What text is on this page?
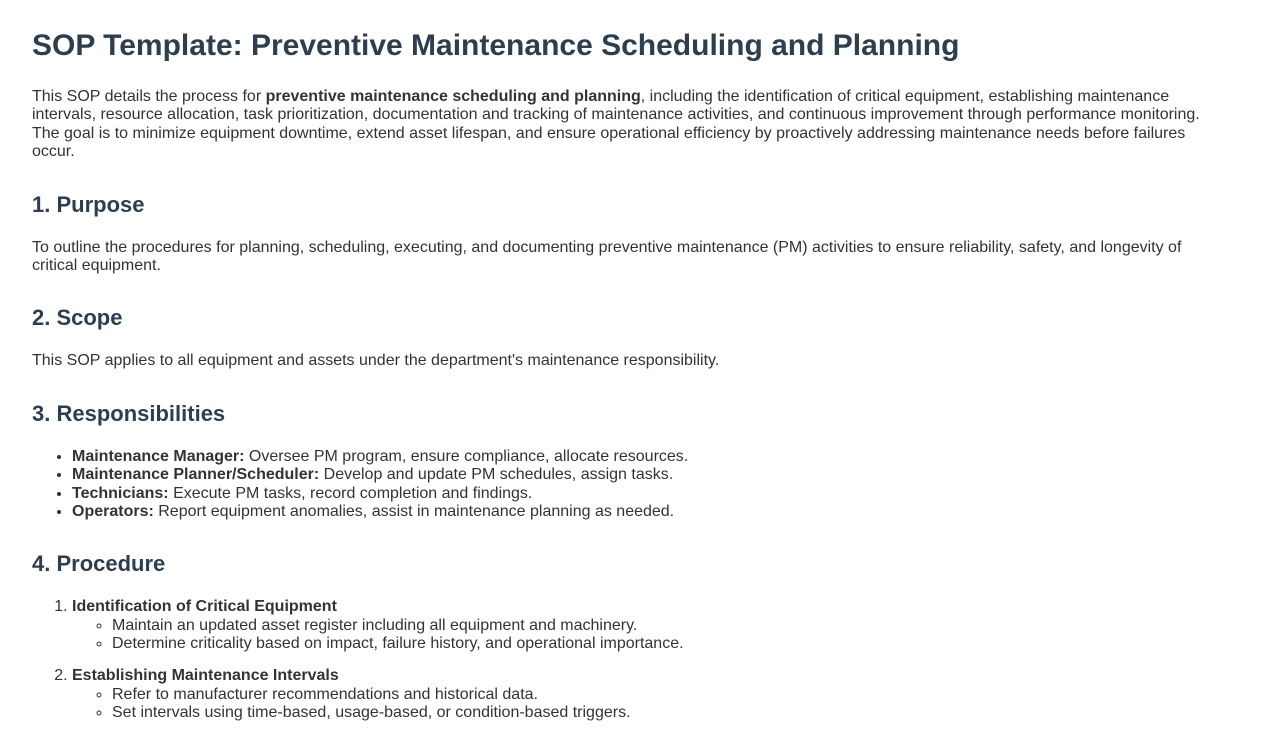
SOP Template: Preventive Maintenance Scheduling and Planning

This SOP details the process for preventive maintenance scheduling and planning, including the identification of critical equipment, establishing maintenance intervals, resource allocation, task prioritization, documentation and tracking of maintenance activities, and continuous improvement through performance monitoring. The goal is to minimize equipment downtime, extend asset lifespan, and ensure operational efficiency by proactively addressing maintenance needs before failures occur.

1. Purpose

To outline the procedures for planning, scheduling, executing, and documenting preventive maintenance (PM) activities to ensure reliability, safety, and longevity of critical equipment.

2. Scope

This SOP applies to all equipment and assets under the department's maintenance responsibility.

3. Responsibilities
• Maintenance Manager: Oversee PM program, ensure compliance, allocate resources.
• Maintenance Planner/Scheduler: Develop and update PM schedules, assign tasks.
• Technicians: Execute PM tasks, record completion and findings.
• Operators: Report equipment anomalies, assist in maintenance planning as needed.
4. Procedure
1. Identification of Critical Equipment
◦ Maintain an updated asset register including all equipment and machinery.
◦ Determine criticality based on impact, failure history, and operational importance.
2. Establishing Maintenance Intervals
◦ Refer to manufacturer recommendations and historical data.
◦ Set intervals using time-based, usage-based, or condition-based triggers.
